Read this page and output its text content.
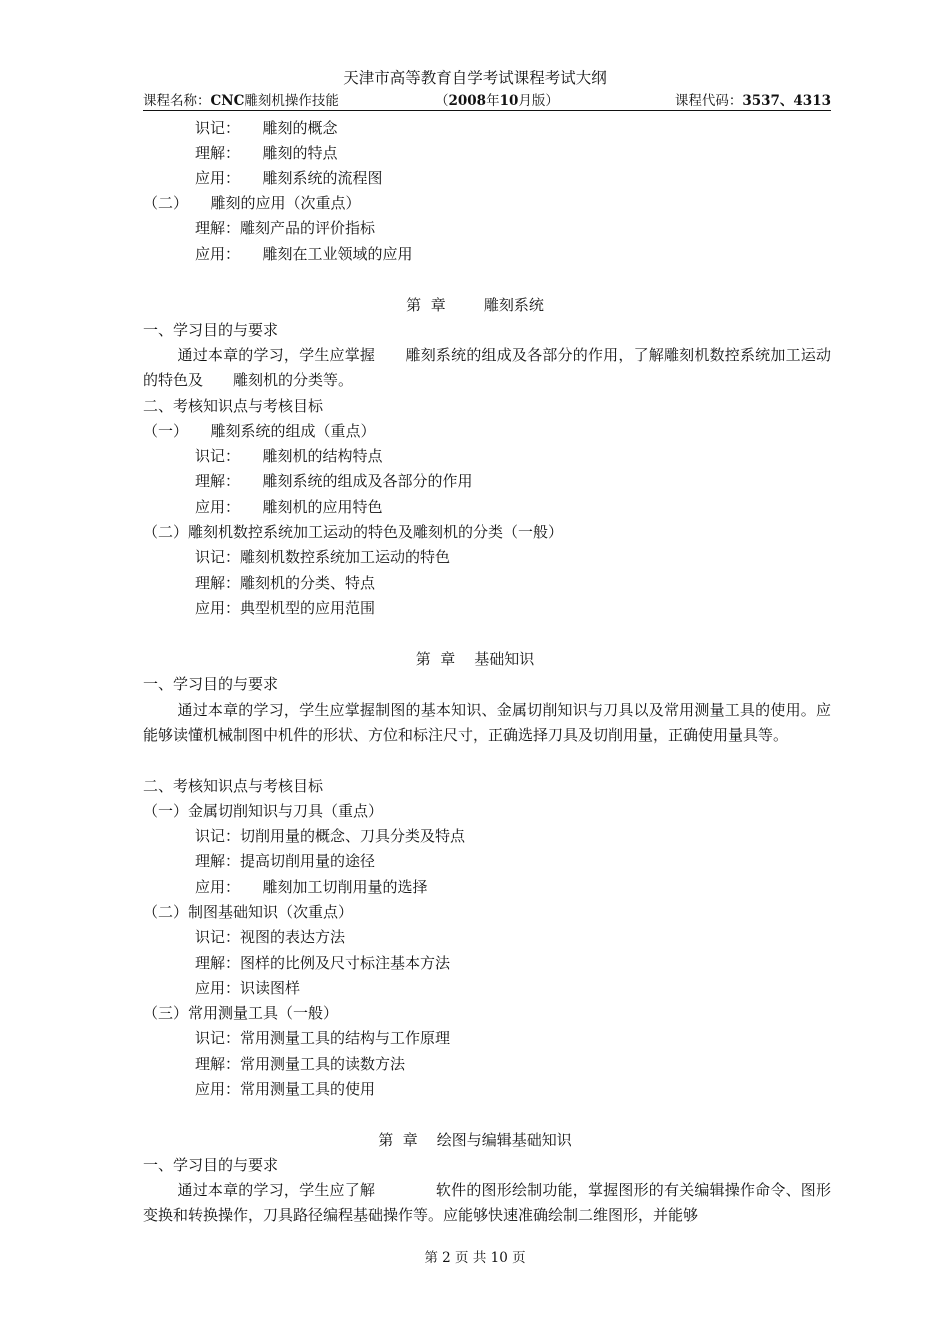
天津市高等教育自学考试课程考试大纲
课程名称：CNC雕刻机操作技能	（2008年10月版）	课程代码：3537、4313
识记：　　雕刻的概念
理解：　　雕刻的特点
应用：　　雕刻系统的流程图
（二）　　雕刻的应用（次重点）
理解：雕刻产品的评价指标
应用：　　雕刻在工业领域的应用
第  章        雕刻系统
一、学习目的与要求
通过本章的学习，学生应掌握　　雕刻系统的组成及各部分的作用，了解雕刻机数控系统加工运动的特色及　　雕刻机的分类等。
二、考核知识点与考核目标
（一）　　雕刻系统的组成（重点）
识记：　　雕刻机的结构特点
理解：　　雕刻系统的组成及各部分的作用
应用：　　雕刻机的应用特色
（二）雕刻机数控系统加工运动的特色及雕刻机的分类（一般）
识记：雕刻机数控系统加工运动的特色
理解：雕刻机的分类、特点
应用：典型机型的应用范围
第  章    基础知识
一、学习目的与要求
通过本章的学习，学生应掌握制图的基本知识、金属切削知识与刀具以及常用测量工具的使用。应能够读懂机械制图中机件的形状、方位和标注尺寸，正确选择刀具及切削用量，正确使用量具等。
二、考核知识点与考核目标
（一）金属切削知识与刀具（重点）
识记：切削用量的概念、刀具分类及特点
理解：提高切削用量的途径
应用：　　雕刻加工切削用量的选择
（二）制图基础知识（次重点）
识记：视图的表达方法
理解：图样的比例及尺寸标注基本方法
应用：识读图样
（三）常用测量工具（一般）
识记：常用测量工具的结构与工作原理
理解：常用测量工具的读数方法
应用：常用测量工具的使用
第  章    绘图与编辑基础知识
一、学习目的与要求
通过本章的学习，学生应了解　　　　软件的图形绘制功能，掌握图形的有关编辑操作命令、图形变换和转换操作，刀具路径编程基础操作等。应能够快速准确绘制二维图形，并能够
第 2 页 共 10 页
